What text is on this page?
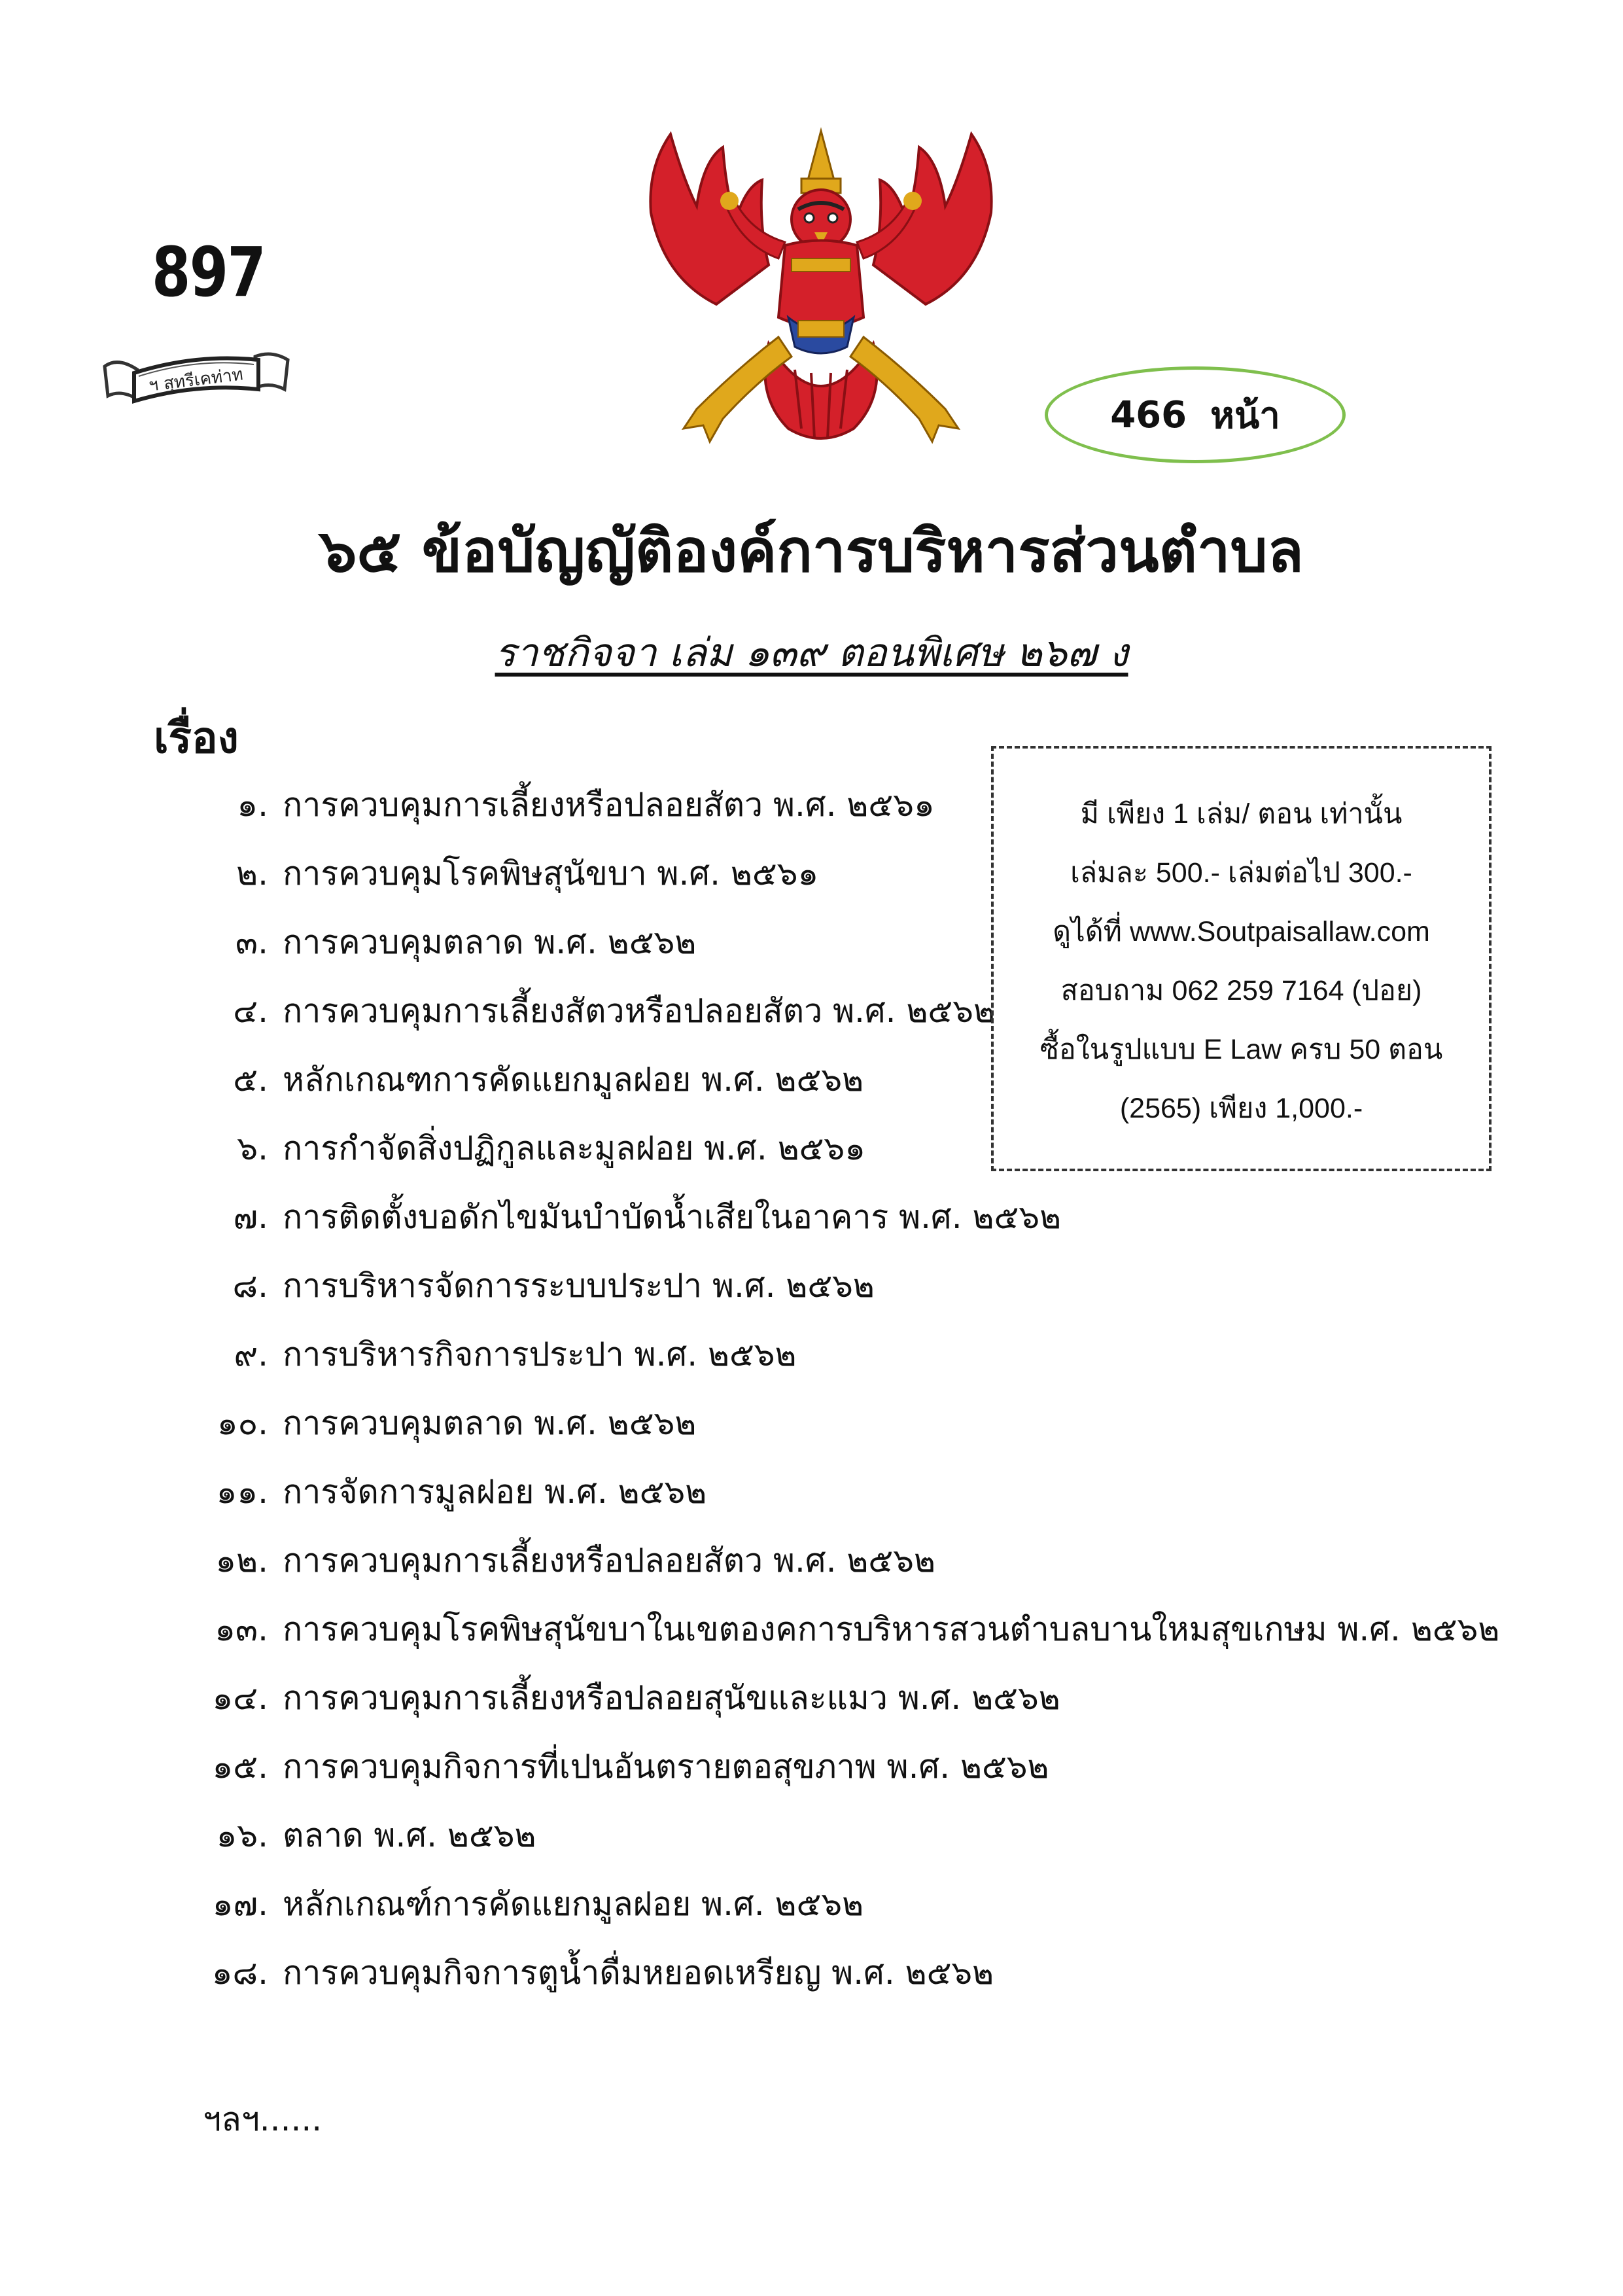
897
ฯ สุทรีเคท่าท
466 หน้า
๖๕ ข้อบัญญัติองค์การบริหารส่วนตำบล
ราชกิจจา เล่ม ๑๓๙ ตอนพิเศษ ๒๖๗ ง
เรื่อง
๑. การควบคุมการเลี้ยงหรือปลอยสัตว พ.ศ. ๒๕๖๑
๒. การควบคุมโรคพิษสุนัขบา พ.ศ. ๒๕๖๑
๓. การควบคุมตลาด พ.ศ. ๒๕๖๒
๔. การควบคุมการเลี้ยงสัตวหรือปลอยสัตว พ.ศ. ๒๕๖๒
๕. หลักเกณฑการคัดแยกมูลฝอย พ.ศ. ๒๕๖๒
๖. การกำจัดสิ่งปฏิกูลและมูลฝอย พ.ศ. ๒๕๖๑
๗. การติดตั้งบอดักไขมันบำบัดน้ำเสียในอาคาร พ.ศ. ๒๕๖๒
๘. การบริหารจัดการระบบประปา พ.ศ. ๒๕๖๒
๙. การบริหารกิจการประปา พ.ศ. ๒๕๖๒
๑๐. การควบคุมตลาด พ.ศ. ๒๕๖๒
๑๑. การจัดการมูลฝอย พ.ศ. ๒๕๖๒
๑๒. การควบคุมการเลี้ยงหรือปลอยสัตว พ.ศ. ๒๕๖๒
๑๓. การควบคุมโรคพิษสุนัขบาในเขตองคการบริหารสวนตำบลบานใหมสุขเกษม พ.ศ. ๒๕๖๒
๑๔. การควบคุมการเลี้ยงหรือปลอยสุนัขและแมว พ.ศ. ๒๕๖๒
๑๕. การควบคุมกิจการที่เปนอันตรายตอสุขภาพ พ.ศ. ๒๕๖๒
๑๖. ตลาด พ.ศ. ๒๕๖๒
๑๗. หลักเกณฑ์การคัดแยกมูลฝอย พ.ศ. ๒๕๖๒
๑๘. การควบคุมกิจการตูน้ำดื่มหยอดเหรียญ พ.ศ. ๒๕๖๒
มี เพียง 1 เล่ม/ ตอน เท่านั้น
เล่มละ 500.- เล่มต่อไป 300.-
ดูได้ที่ www.Soutpaisallaw.com
สอบถาม 062 259 7164 (ปอย)
ซื้อในรูปแบบ E Law ครบ 50 ตอน
(2565) เพียง 1,000.-
ฯลฯ......
